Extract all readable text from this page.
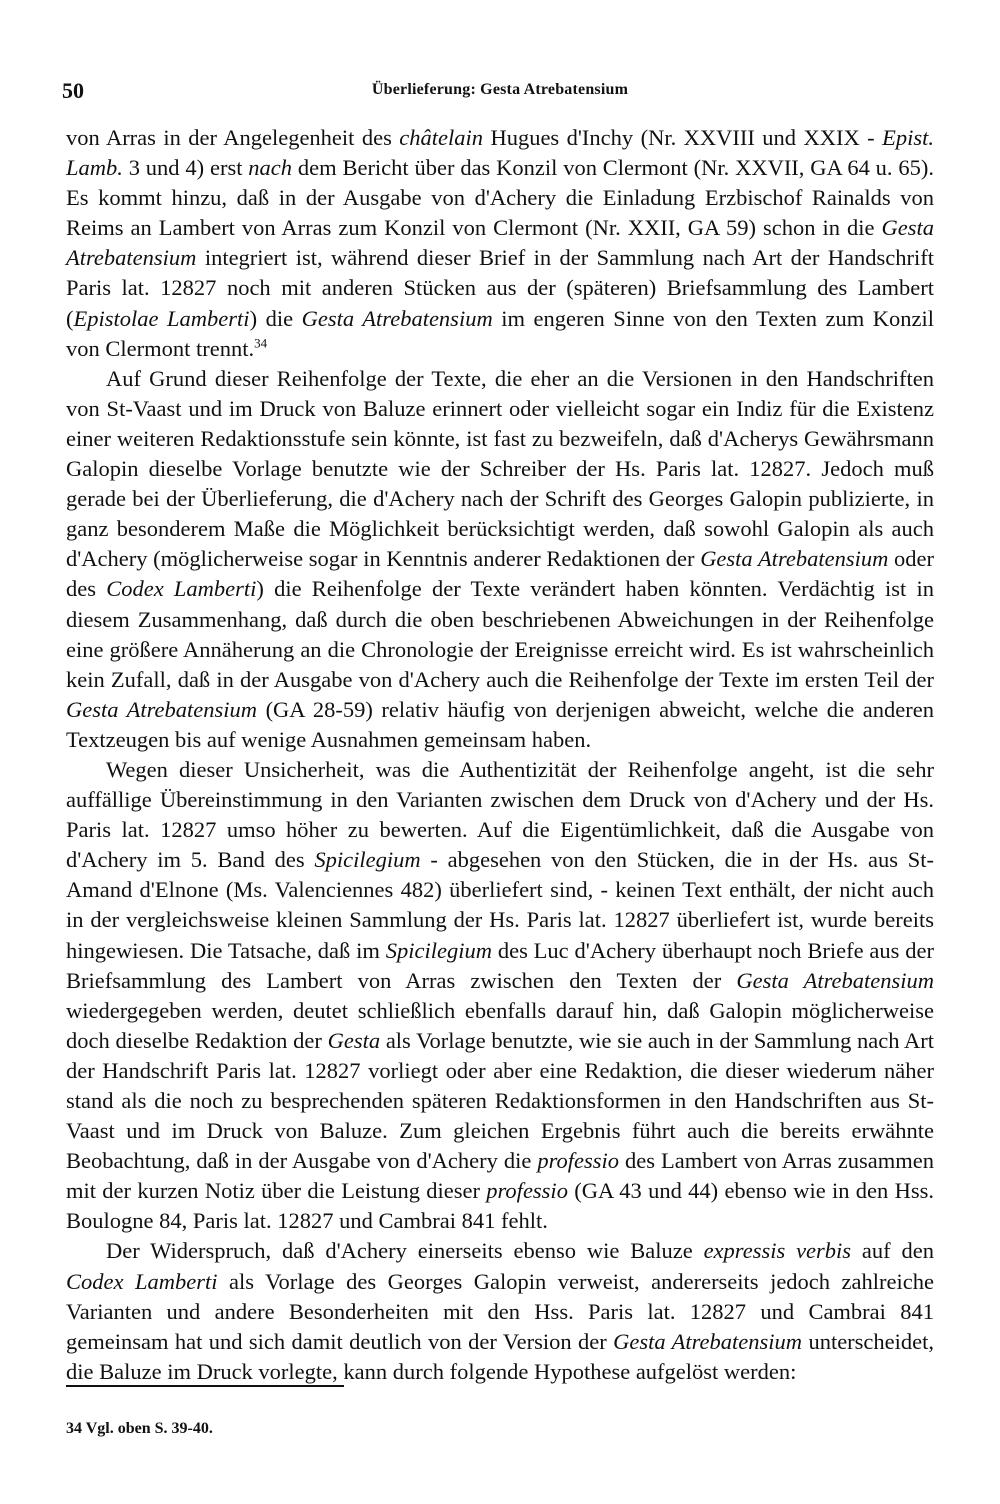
50	Überlieferung: Gesta Atrebatensium

von Arras in der Angelegenheit des châtelain Hugues d'Inchy (Nr. XXVIII und XXIX - Epist. Lamb. 3 und 4) erst nach dem Bericht über das Konzil von Clermont (Nr. XXVII, GA 64 u. 65). Es kommt hinzu, daß in der Ausgabe von d'Achery die Einladung Erzbischof Rainalds von Reims an Lambert von Arras zum Konzil von Clermont (Nr. XXII, GA 59) schon in die Gesta Atrebatensium integriert ist, während dieser Brief in der Sammlung nach Art der Handschrift Paris lat. 12827 noch mit anderen Stücken aus der (späteren) Briefsammlung des Lambert (Epistolae Lamberti) die Gesta Atrebatensium im engeren Sinne von den Texten zum Konzil von Clermont trennt.$^{34}$

Auf Grund dieser Reihenfolge der Texte, die eher an die Versionen in den Handschriften von St-Vaast und im Druck von Baluze erinnert oder vielleicht sogar ein Indiz für die Existenz einer weiteren Redaktionsstufe sein könnte, ist fast zu bezweifeln, daß d'Acherys Gewährsmann Galopin dieselbe Vorlage benutzte wie der Schreiber der Hs. Paris lat. 12827. Jedoch muß gerade bei der Überlieferung, die d'Achery nach der Schrift des Georges Galopin publizierte, in ganz besonderem Maße die Möglichkeit berücksichtigt werden, daß sowohl Galopin als auch d'Achery (möglicherweise sogar in Kenntnis anderer Redaktionen der Gesta Atrebatensium oder des Codex Lamberti) die Reihenfolge der Texte verändert haben könnten. Verdächtig ist in diesem Zusammenhang, daß durch die oben beschriebenen Abweichungen in der Reihenfolge eine größere Annäherung an die Chronologie der Ereignisse erreicht wird. Es ist wahrscheinlich kein Zufall, daß in der Ausgabe von d'Achery auch die Reihenfolge der Texte im ersten Teil der Gesta Atrebatensium (GA 28-59) relativ häufig von derjenigen abweicht, welche die anderen Textzeugen bis auf wenige Ausnahmen gemeinsam haben.

Wegen dieser Unsicherheit, was die Authentizität der Reihenfolge angeht, ist die sehr auffällige Übereinstimmung in den Varianten zwischen dem Druck von d'Achery und der Hs. Paris lat. 12827 umso höher zu bewerten. Auf die Eigentümlichkeit, daß die Ausgabe von d'Achery im 5. Band des Spicilegium - abgesehen von den Stücken, die in der Hs. aus St-Amand d'Elnone (Ms. Valenciennes 482) überliefert sind, - keinen Text enthält, der nicht auch in der vergleichsweise kleinen Sammlung der Hs. Paris lat. 12827 überliefert ist, wurde bereits hingewiesen. Die Tatsache, daß im Spicilegium des Luc d'Achery überhaupt noch Briefe aus der Briefsammlung des Lambert von Arras zwischen den Texten der Gesta Atrebatensium wiedergegeben werden, deutet schließlich ebenfalls darauf hin, daß Galopin möglicherweise doch dieselbe Redaktion der Gesta als Vorlage benutzte, wie sie auch in der Sammlung nach Art der Handschrift Paris lat. 12827 vorliegt oder aber eine Redaktion, die dieser wiederum näher stand als die noch zu besprechenden späteren Redaktionsformen in den Handschriften aus St-Vaast und im Druck von Baluze. Zum gleichen Ergebnis führt auch die bereits erwähnte Beobachtung, daß in der Ausgabe von d'Achery die professio des Lambert von Arras zusammen mit der kurzen Notiz über die Leistung dieser professio (GA 43 und 44) ebenso wie in den Hss. Boulogne 84, Paris lat. 12827 und Cambrai 841 fehlt.

Der Widerspruch, daß d'Achery einerseits ebenso wie Baluze expressis verbis auf den Codex Lamberti als Vorlage des Georges Galopin verweist, andererseits jedoch zahlreiche Varianten und andere Besonderheiten mit den Hss. Paris lat. 12827 und Cambrai 841 gemeinsam hat und sich damit deutlich von der Version der Gesta Atrebatensium unterscheidet, die Baluze im Druck vorlegte, kann durch folgende Hypothese aufgelöst werden:

34 Vgl. oben S. 39-40.
